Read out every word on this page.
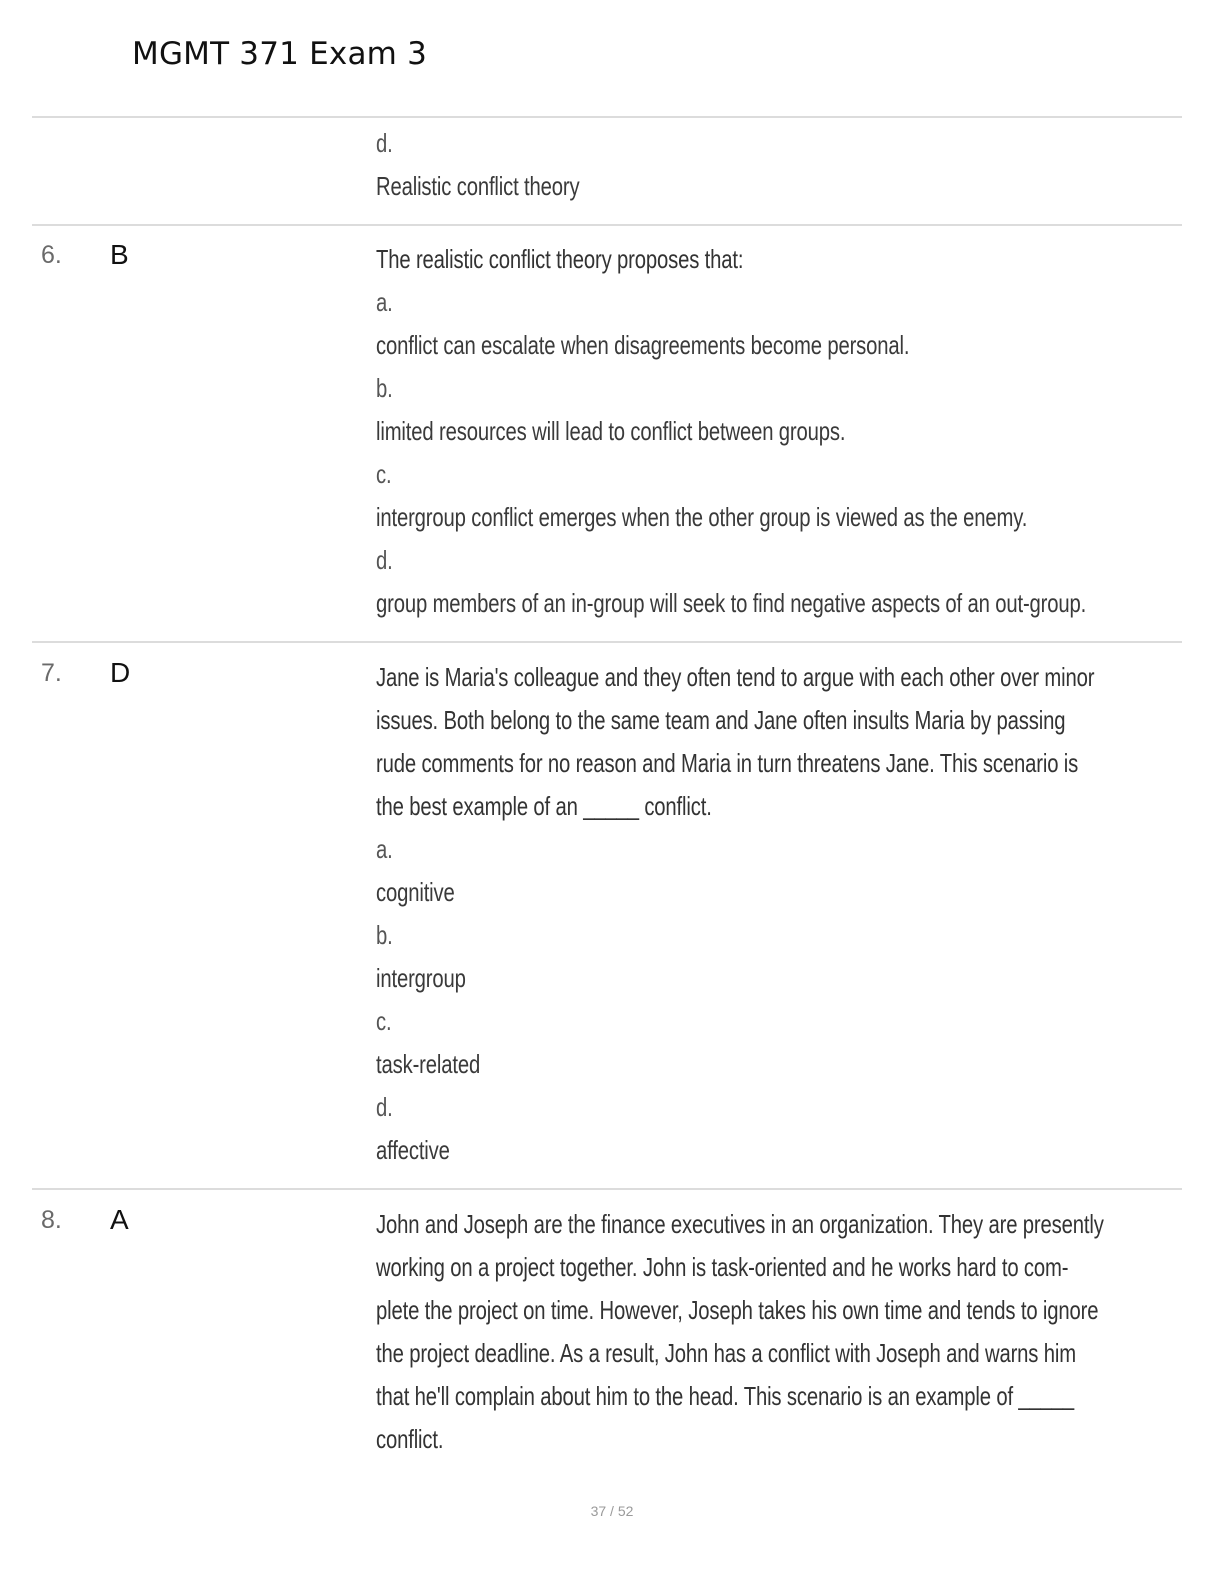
MGMT 371 Exam 3
d.
Realistic conflict theory
6. B	The realistic conflict theory proposes that:
a.
conflict can escalate when disagreements become personal.
b.
limited resources will lead to conflict between groups.
c.
intergroup conflict emerges when the other group is viewed as the enemy.
d.
group members of an in-group will seek to find negative aspects of an out-group.
7. D	Jane is Maria's colleague and they often tend to argue with each other over minor
issues. Both belong to the same team and Jane often insults Maria by passing
rude comments for no reason and Maria in turn threatens Jane. This scenario is
the best example of an _____ conflict.
a.
cognitive
b.
intergroup
c.
task-related
d.
affective
8. A	John and Joseph are the finance executives in an organization. They are presently
working on a project together. John is task-oriented and he works hard to com-
plete the project on time. However, Joseph takes his own time and tends to ignore
the project deadline. As a result, John has a conflict with Joseph and warns him
that he'll complain about him to the head. This scenario is an example of _____
conflict.
37 / 52
